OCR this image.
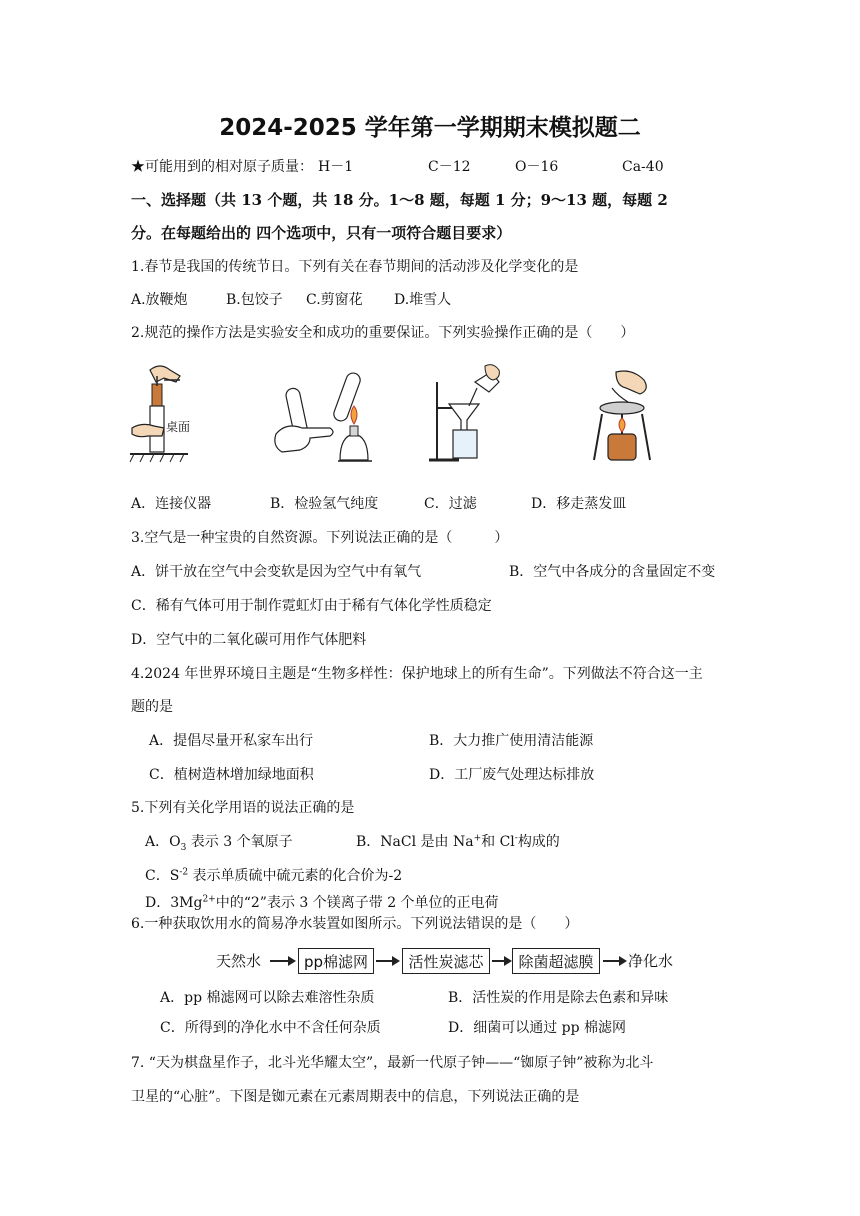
2024-2025 学年第一学期期末模拟题二
★可能用到的相对原子质量： H－1	C－12	O－16	Ca-40
一、选择题（共 13 个题，共 18 分。1～8 题，每题 1 分；9～13 题，每题 2
分。在每题给出的 四个选项中，只有一项符合题目要求）
1.春节是我国的传统节日。下列有关在春节期间的活动涉及化学变化的是
A.放鞭炮	B.包饺子 C.剪窗花 D.堆雪人
2.规范的操作方法是实验安全和成功的重要保证。下列实验操作正确的是（　　）
桌面
A．连接仪器	B．检验氢气纯度	C．过滤	D．移走蒸发皿
3.空气是一种宝贵的自然资源。下列说法正确的是（　　　）
A．饼干放在空气中会变软是因为空气中有氧气	B．空气中各成分的含量固定不变
C．稀有气体可用于制作霓虹灯由于稀有气体化学性质稳定
D．空气中的二氧化碳可用作气体肥料
4.2024 年世界环境日主题是“生物多样性：保护地球上的所有生命”。下列做法不符合这一主
题的是
A．提倡尽量开私家车出行	B．大力推广使用清洁能源
C．植树造林增加绿地面积	D．工厂废气处理达标排放
5.下列有关化学用语的说法正确的是
A．$O_3$ 表示 3 个氧原子	B．NaCl 是由 Na+和 Cl-构成的
C．$S^{-2}$ 表示单质硫中硫元素的化合价为-2
D．$3Mg^{2+}$中的“2”表示 3 个镁离子带 2 个单位的正电荷
6.一种获取饮用水的简易净水装置如图所示。下列说法错误的是（　　）
天然水	pp棉滤网	活性炭滤芯	除菌超滤膜	净化水
A．pp 棉滤网可以除去难溶性杂质	B．活性炭的作用是除去色素和异味
C．所得到的净化水中不含任何杂质	D．细菌可以通过 pp 棉滤网
7. “天为棋盘星作子，北斗光华耀太空”，最新一代原子钟——“铷原子钟”被称为北斗
卫星的“心脏”。下图是铷元素在元素周期表中的信息，下列说法正确的是
